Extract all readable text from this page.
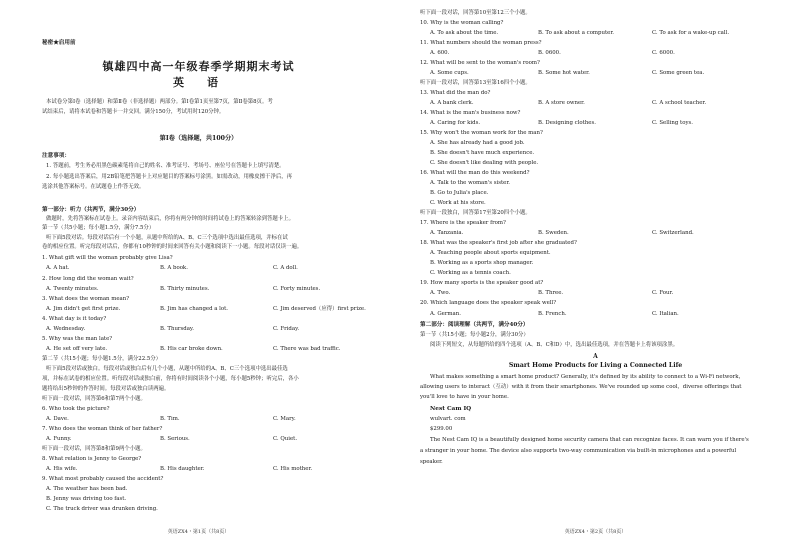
秘密★启用前
镇雄四中高一年级春季学期期末考试
英　语
本试卷分第Ⅰ卷（选择题）和第Ⅱ卷（非选择题）两部分。第Ⅰ卷第1页至第7页，第Ⅱ卷第8页。考
试结束后，请将本试卷和答题卡一并交回。满分150分，考试用时120分钟。
第Ⅰ卷（选择题，共100分）
注意事项：
1. 答题前，考生务必用黑色碳素笔将自己的姓名、准考证号、考场号、座位号在答题卡上填写清楚。
2. 每小题选出答案后，用2B铅笔把答题卡上对应题目的答案标号涂黑。如需改动，用橡皮擦干净后，再
选涂其他答案标号。在试题卷上作答无效。
第一部分：听力（共两节，满分30分）
做题时，先将答案标在试卷上。录音内容结束后，你将有两分钟的时间将试卷上的答案转涂到答题卡上。
第一节（共5小题；每小题1.5分，满分7.5分）
听下面5段对话。每段对话后有一个小题，从题中所给的A、B、C三个选项中选出最佳选项，并标在试
卷的相应位置。听完每段对话后，你都有10秒钟的时间来回答有关小题和阅读下一小题。每段对话仅读一遍。
1. What gift will the woman probably give Lisa?
A. A hat.	B. A book.	C. A doll.
2. How long did the woman wait?
A. Twenty minutes.	B. Thirty minutes.	C. Forty minutes.
3. What does the woman mean?
A. Jim didn't get first prize.	B. Jim has changed a lot.	C. Jim deserved（应得）first prize.
4. What day is it today?
A. Wednesday.	B. Thursday.	C. Friday.
5. Why was the man late?
A. He set off very late.	B. His car broke down.	C. There was bad traffic.
第二节（共15小题；每小题1.5分，满分22.5分）
听下面5段对话或独白。每段对话或独白后有几个小题，从题中所给的A、B、C三个选项中选出最佳选
项，并标在试卷的相应位置。听每段对话或独白前，你将有时间阅读各个小题，每小题5秒钟；听完后，各小
题将给出5秒钟的作答时间。每段对话或独白读两遍。
听下面一段对话，回答第6和第7两个小题。
6. Who took the picture?
A. Dave.	B. Tim.	C. Mary.
7. Who does the woman think of her father?
A. Funny.	B. Serious.	C. Quiet.
听下面一段对话，回答第8和第9两个小题。
8. What relation is Jenny to George?
A. His wife.	B. His daughter.	C. His mother.
9. What most probably caused the accident?
A. The weather has been bad.
B. Jenny was driving too fast.
C. The truck driver was drunken driving.
英语ZX4・第1页（共8页）
听下面一段对话，回答第10至第12三个小题。
10. Why is the woman calling?
A. To ask about the time.	B. To ask about a computer.	C. To ask for a wake-up call.
11. What numbers should the woman press?
A. 600.	B. 0600.	C. 6000.
12. What will be sent to the woman's room?
A. Some cups.	B. Some hot water.	C. Some green tea.
听下面一段对话，回答第13至第16四个小题。
13. What did the man do?
A. A bank clerk.	B. A store owner.	C. A school teacher.
14. What is the man's business now?
A. Caring for kids.	B. Designing clothes.	C. Selling toys.
15. Why won't the woman work for the man?
A. She has already had a good job.
B. She doesn't have much experience.
C. She doesn't like dealing with people.
16. What will the man do this weekend?
A. Talk to the woman's sister.
B. Go to Julia's place.
C. Work at his store.
听下面一段独白，回答第17至第20四个小题。
17. Where is the speaker from?
A. Tanzania.	B. Sweden.	C. Switzerland.
18. What was the speaker's first job after she graduated?
A. Teaching people about sports equipment.
B. Working as a sports shop manager.
C. Working as a tennis coach.
19. How many sports is the speaker good at?
A. Two.	B. Three.	C. Four.
20. Which language does the speaker speak well?
A. German.	B. French.	C. Italian.
第二部分：阅读理解（共两节，满分40分）
第一节（共15小题；每小题2分，满分30分）
阅读下列短文，从每题所给的四个选项（A、B、C和D）中，选出最佳选项，并在答题卡上将该项涂黑。
A
Smart Home Products for Living a Connected Life
What makes something a smart home product? Generally, it's defined by its ability to connect to a Wi-Fi network，
allowing users to interact（互动）with it from their smartphones. We've rounded up some cool，diverse offerings that
you'll love to have in your home.
Nest Cam IQ
wulvart. com
$299.00
The Nest Cam IQ is a beautifully designed home security camera that can recognize faces. It can warn you if there's
a stranger in your home. The device also supports two-way communication via built-in microphones and a powerful
speaker.
英语ZX4・第2页（共8页）
